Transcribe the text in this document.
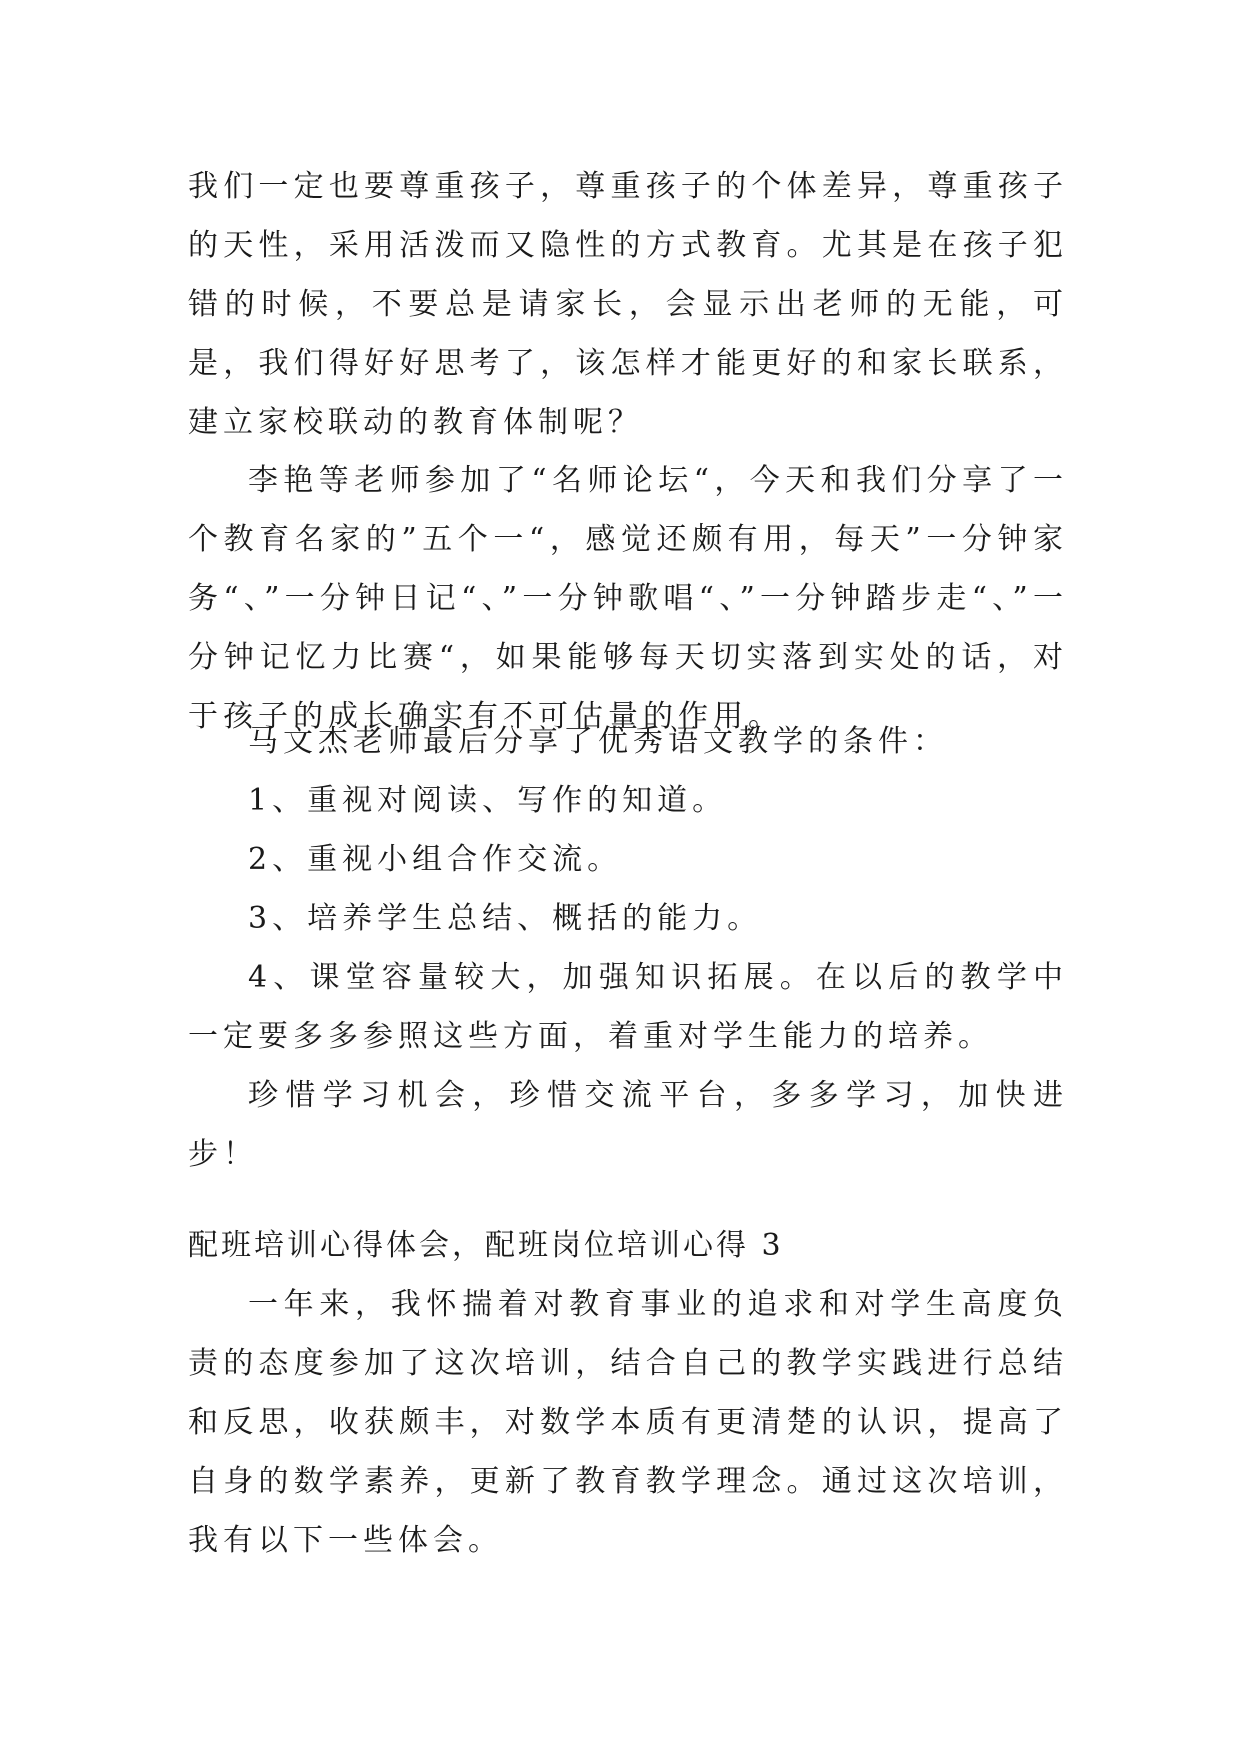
我们一定也要尊重孩子，尊重孩子的个体差异，尊重孩子的天性，采用活泼而又隐性的方式教育。尤其是在孩子犯错的时候，不要总是请家长，会显示出老师的无能，可是，我们得好好思考了，该怎样才能更好的和家长联系，建立家校联动的教育体制呢？

李艳等老师参加了“名师论坛“，今天和我们分享了一个教育名家的”五个一“，感觉还颇有用，每天”一分钟家务“、”一分钟日记“、”一分钟歌唱“、”一分钟踏步走“、”一分钟记忆力比赛“，如果能够每天切实落到实处的话，对于孩子的成长确实有不可估量的作用。

马文杰老师最后分享了优秀语文教学的条件：

1、重视对阅读、写作的知道。

2、重视小组合作交流。

3、培养学生总结、概括的能力。

4、课堂容量较大，加强知识拓展。在以后的教学中一定要多多参照这些方面，着重对学生能力的培养。

珍惜学习机会，珍惜交流平台，多多学习，加快进步！

配班培训心得体会，配班岗位培训心得 3

一年来，我怀揣着对教育事业的追求和对学生高度负责的态度参加了这次培训，结合自己的教学实践进行总结和反思，收获颇丰，对数学本质有更清楚的认识，提高了自身的数学素养，更新了教育教学理念。通过这次培训，我有以下一些体会。
